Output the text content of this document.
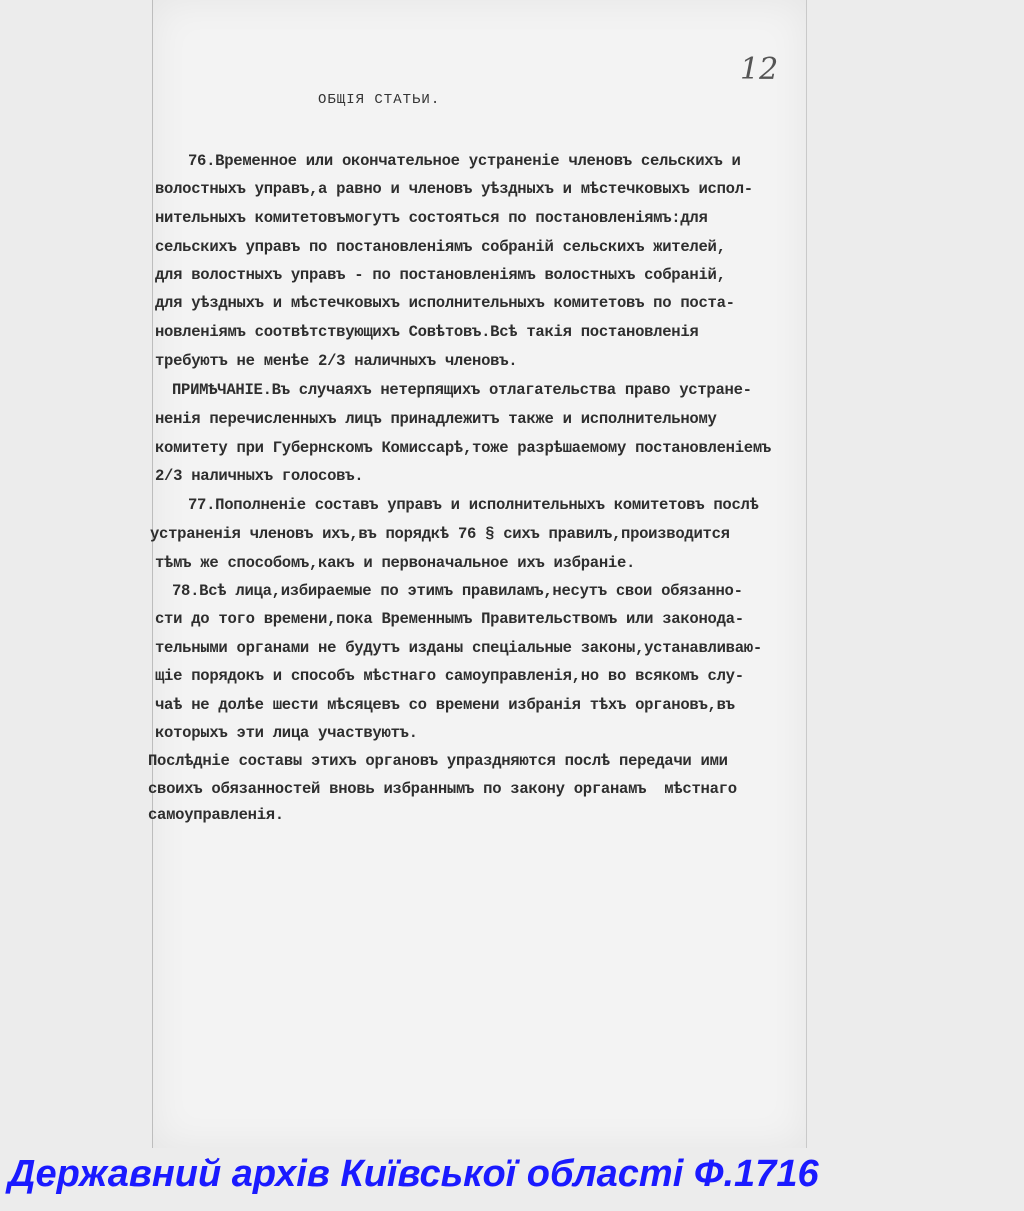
12
ОБЩІЯ СТАТЬИ.
76.Временное или окончательное устраненіе членовъ сельскихъ и
волостныхъ управъ,а равно и членовъ уѣздныхъ и мѣстечковыхъ испол-
нительныхъ комитетовъмогутъ состояться по постановленіямъ:для
сельскихъ управъ по постановленіямъ собраній сельскихъ жителей,
для волостныхъ управъ - по постановленіямъ волостныхъ собраній,
для уѣздныхъ и мѣстечковыхъ исполнительныхъ комитетовъ по поста-
новленіямъ соотвѣтствующихъ Совѣтовъ.Всѣ такія постановленія
требуютъ не менѣе 2/3 наличныхъ членовъ.
ПРИМѢЧАНІЕ.Въ случаяхъ нетерпящихъ отлагательства право устране-
ненія перечисленныхъ лицъ принадлежитъ также и исполнительному
комитету при Губернскомъ Комиссарѣ,тоже разрѣшаемому постановленіемъ
2/3 наличныхъ голосовъ.
77.Пополненіе составъ управъ и исполнительныхъ комитетовъ послѣ
устраненія членовъ ихъ,въ порядкѣ 76 § сихъ правилъ,производится
тѣмъ же способомъ,какъ и первоначальное ихъ избраніе.
78.Всѣ лица,избираемые по этимъ правиламъ,несутъ свои обязанно-
сти до того времени,пока Временнымъ Правительствомъ или законода-
тельными органами не будутъ изданы спеціальные законы,устанавливаю-
щіе порядокъ и способъ мѣстнаго самоуправленія,но во всякомъ слу-
чаѣ не долѣе шести мѣсяцевъ со времени избранія тѣхъ органовъ,въ
которыхъ эти лица участвуютъ.
Послѣдніе составы этихъ органовъ упраздняются послѣ передачи ими
своихъ обязанностей вновь избраннымъ по закону органамъ  мѣстнаго
самоуправленія.
Державний архів Київської області Ф.1716
